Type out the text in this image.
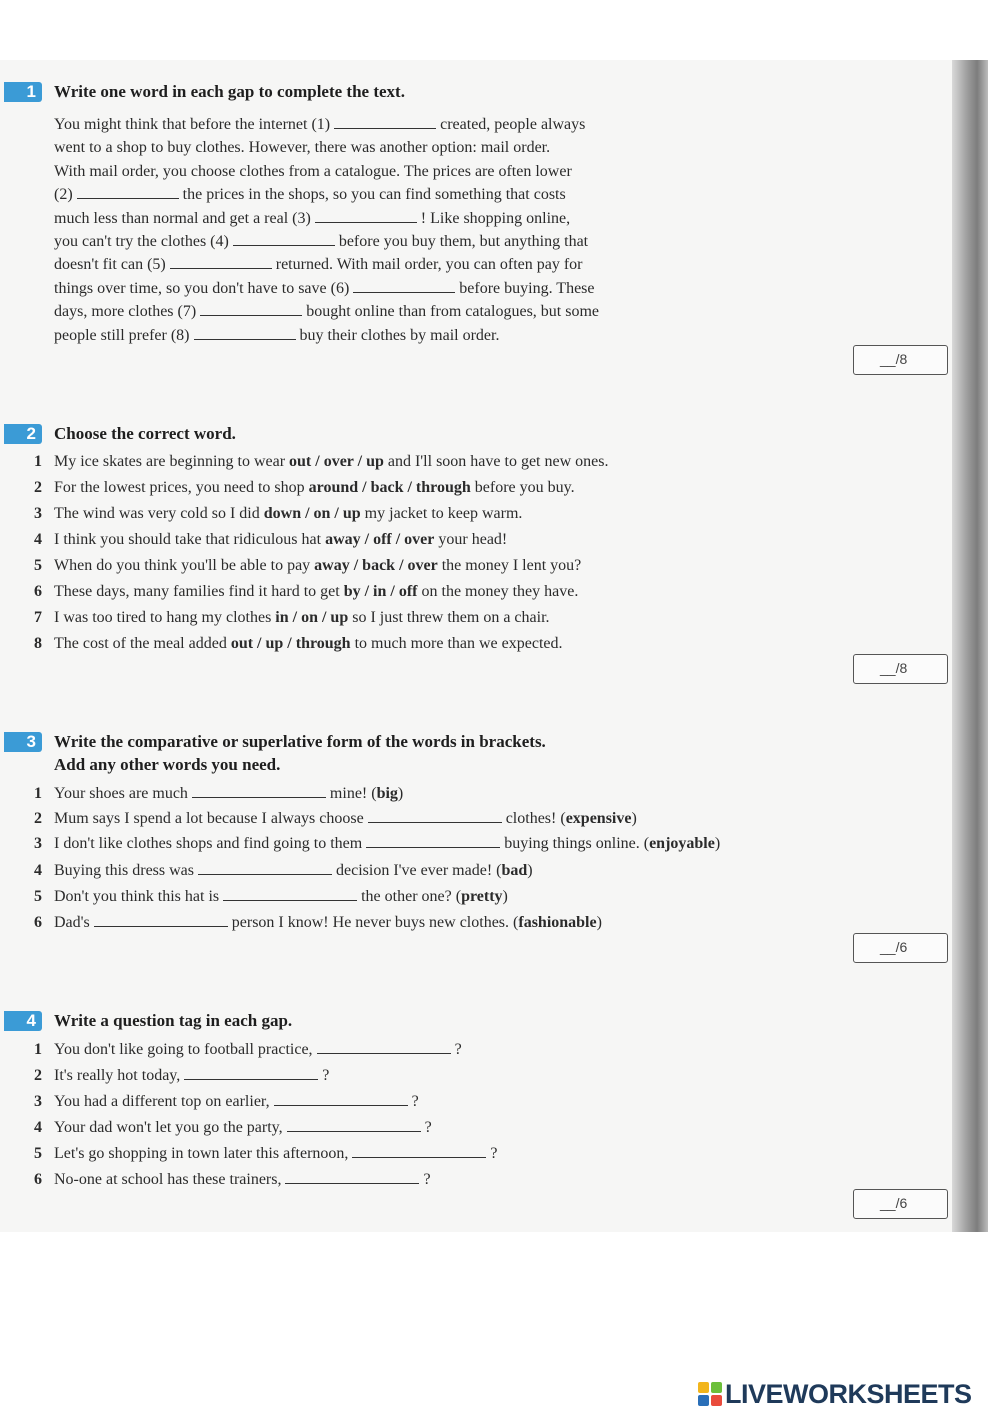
1	Write one word in each gap to complete the text.
You might think that before the internet (1)	created, people always
went to a shop to buy clothes. However, there was another option: mail order.
With mail order, you choose clothes from a catalogue. The prices are often lower
(2)	the prices in the shops, so you can find something that costs
much less than normal and get a real (3)	! Like shopping online,
you can't try the clothes (4)	before you buy them, but anything that
doesn't fit can (5)	returned. With mail order, you can often pay for
things over time, so you don't have to save (6)	before buying. These
days, more clothes (7)	bought online than from catalogues, but some
people still prefer (8)	buy their clothes by mail order.
__/8
2	Choose the correct word.
1 My ice skates are beginning to wear out / over / up and I'll soon have to get new ones.
2 For the lowest prices, you need to shop around / back / through before you buy.
3 The wind was very cold so I did down / on / up my jacket to keep warm.
4 I think you should take that ridiculous hat away / off / over your head!
5 When do you think you'll be able to pay away / back / over the money I lent you?
6 These days, many families find it hard to get by / in / off on the money they have.
7 I was too tired to hang my clothes in / on / up so I just threw them on a chair.
8 The cost of the meal added out / up / through to much more than we expected.
__/8
3	Write the comparative or superlative form of the words in brackets.
Add any other words you need.
1 Your shoes are much	mine! (big)
2 Mum says I spend a lot because I always choose	clothes! (expensive)
3 I don't like clothes shops and find going to them	buying things online. (enjoyable)
4 Buying this dress was	decision I've ever made! (bad)
5 Don't you think this hat is	the other one? (pretty)
6 Dad's	person I know! He never buys new clothes. (fashionable)
__/6
4	Write a question tag in each gap.
1 You don't like going to football practice,	?
2 It's really hot today,	?
3 You had a different top on earlier,	?
4 Your dad won't let you go the party,	?
5 Let's go shopping in town later this afternoon,	?
6 No-one at school has these trainers,	?
__/6
LIVEWORKSHEETS
